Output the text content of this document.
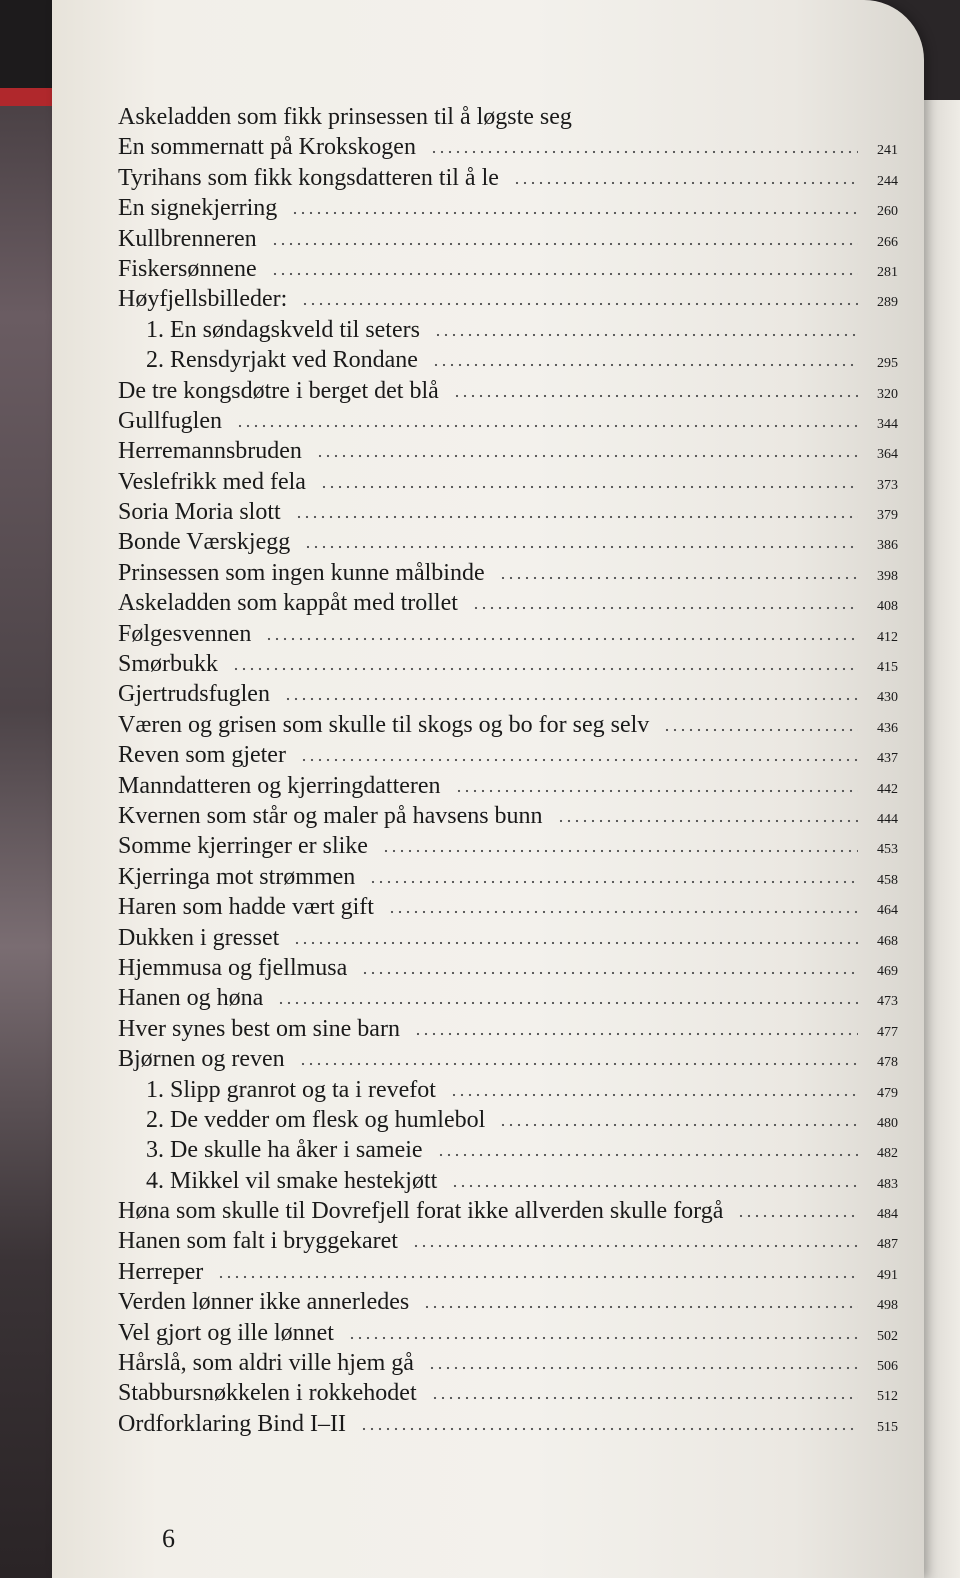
Askeladden som fikk prinsessen til å løgste seg
En sommernatt på Krokskogen	241
Tyrihans som fikk kongsdatteren til å le	244
En signekjerring	260
Kullbrenneren	266
Fiskersønnene	281
Høyfjellsbilleder:	289
1. En søndagskveld til seters
2. Rensdyrjakt ved Rondane	295
De tre kongsdøtre i berget det blå	320
Gullfuglen	344
Herremannsbruden	364
Veslefrikk med fela	373
Soria Moria slott	379
Bonde Værskjegg	386
Prinsessen som ingen kunne målbinde	398
Askeladden som kappåt med trollet	408
Følgesvennen	412
Smørbukk	415
Gjertrudsfuglen	430
Væren og grisen som skulle til skogs og bo for seg selv	436
Reven som gjeter	437
Manndatteren og kjerringdatteren	442
Kvernen som står og maler på havsens bunn	444
Somme kjerringer er slike	453
Kjerringa mot strømmen	458
Haren som hadde vært gift	464
Dukken i gresset	468
Hjemmusa og fjellmusa	469
Hanen og høna	473
Hver synes best om sine barn	477
Bjørnen og reven	478
1. Slipp granrot og ta i revefot	479
2. De vedder om flesk og humlebol	480
3. De skulle ha åker i sameie	482
4. Mikkel vil smake hestekjøtt	483
Høna som skulle til Dovrefjell forat ikke allverden skulle forgå	484
Hanen som falt i bryggekaret	487
Herreper	491
Verden lønner ikke annerledes	498
Vel gjort og ille lønnet	502
Hårslå, som aldri ville hjem gå	506
Stabbursnøkkelen i rokkehodet	512
Ordforklaring Bind I–II	515
6
